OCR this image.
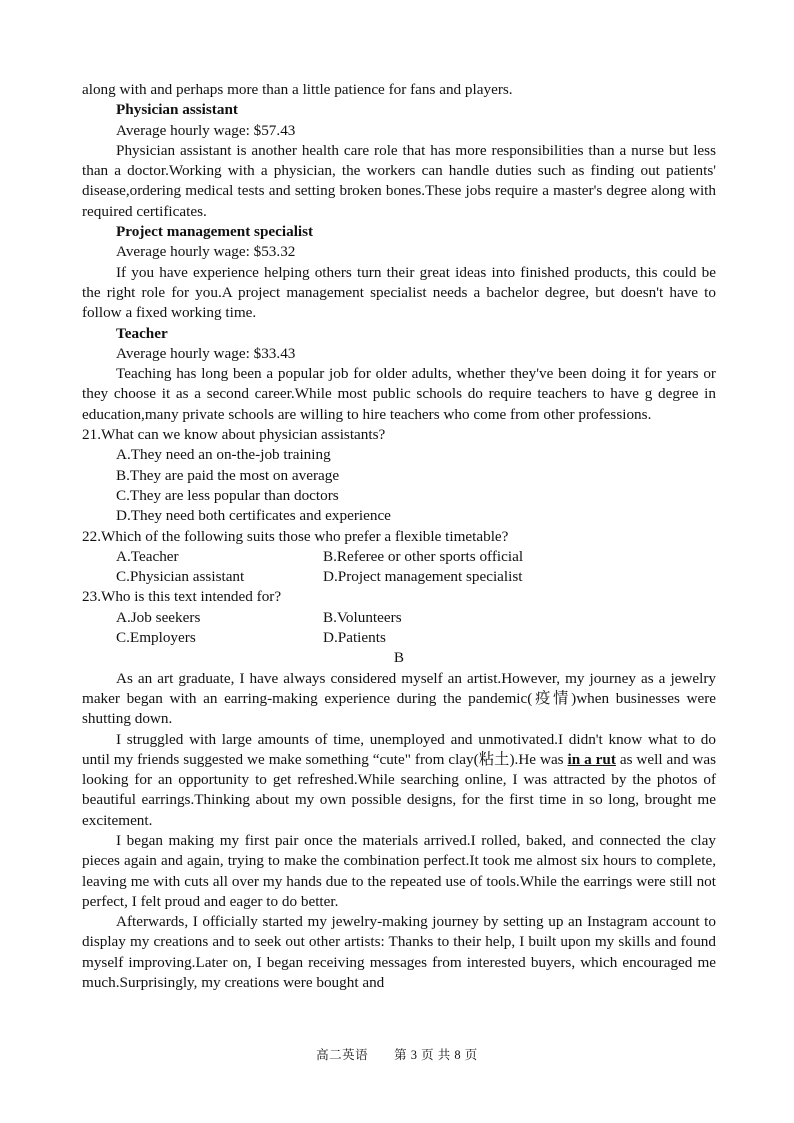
along with and perhaps more than a little patience for fans and players.

Physician assistant

Average hourly wage: $57.43

Physician assistant is another health care role that has more responsibilities than a nurse but less than a doctor.Working with a physician, the workers can handle duties such as finding out patients' disease,ordering medical tests and setting broken bones.These jobs require a master's degree along with required certificates.

Project management specialist

Average hourly wage: $53.32

If you have experience helping others turn their great ideas into finished products, this could be the right role for you.A project management specialist needs a bachelor degree, but doesn't have to follow a fixed working time.

Teacher

Average hourly wage: $33.43

Teaching has long been a popular job for older adults, whether they've been doing it for years or they choose it as a second career.While most public schools do require teachers to have g degree in education,many private schools are willing to hire teachers who come from other professions.

21.What can we know about physician assistants?

A.They need an on-the-job training

B.They are paid the most on average

C.They are less popular than doctors

D.They need both certificates and experience

22.Which of the following suits those who prefer a flexible timetable?

A.Teacher	B.Referee or other sports official
C.Physician assistant	D.Project management specialist

23.Who is this text intended for?

A.Job seekers	B.Volunteers
C.Employers	D.Patients

B

As an art graduate, I have always considered myself an artist.However, my journey as a jewelry maker began with an earring-making experience during the pandemic(疫情)when businesses were shutting down.

I struggled with large amounts of time, unemployed and unmotivated.I didn't know what to do until my friends suggested we make something “cute" from clay(粘土).He was in a rut as well and was looking for an opportunity to get refreshed.While searching online, I was attracted by the photos of beautiful earrings.Thinking about my own possible designs, for the first time in so long, brought me excitement.

I began making my first pair once the materials arrived.I rolled, baked, and connected the clay pieces again and again, trying to make the combination perfect.It took me almost six hours to complete, leaving me with cuts all over my hands due to the repeated use of tools.While the earrings were still not perfect, I felt proud and eager to do better.

Afterwards, I officially started my jewelry-making journey by setting up an Instagram account to display my creations and to seek out other artists: Thanks to their help, I built upon my skills and found myself improving.Later on, I began receiving messages from interested buyers, which encouraged me much.Surprisingly, my creations were bought and

高二英语　　第 3 页 共 8 页
